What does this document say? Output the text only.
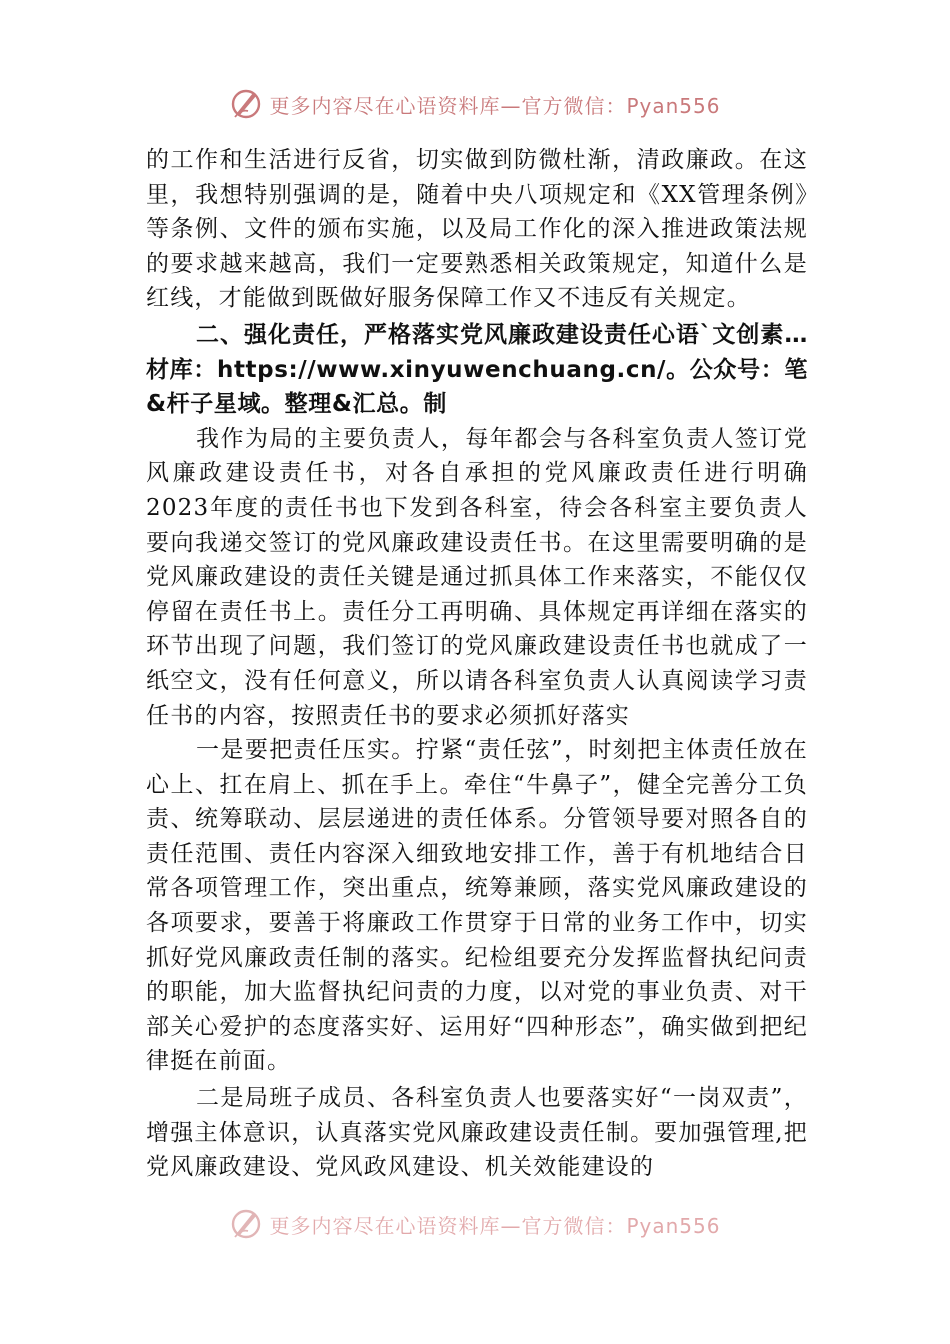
更多内容尽在心语资料库—官方微信：Pyan556

的工作和生活进行反省，切实做到防微杜渐，清政廉政。在这里，我想特别强调的是，随着中央八项规定和《XX管理条例》等条例、文件的颁布实施，以及局工作化的深入推进政策法规的要求越来越高，我们一定要熟悉相关政策规定，知道什么是红线，才能做到既做好服务保障工作又不违反有关规定。

二、强化责任，严格落实党风廉政建设责任心语`文创素…材库：https://www.xinyuwenchuang.cn/。公众号：笔&杆子星域。整理&汇总。制

我作为局的主要负责人，每年都会与各科室负责人签订党风廉政建设责任书，对各自承担的党风廉政责任进行明确2023年度的责任书也下发到各科室，待会各科室主要负责人要向我递交签订的党风廉政建设责任书。在这里需要明确的是党风廉政建设的责任关键是通过抓具体工作来落实，不能仅仅停留在责任书上。责任分工再明确、具体规定再详细在落实的环节出现了问题，我们签订的党风廉政建设责任书也就成了一纸空文，没有任何意义，所以请各科室负责人认真阅读学习责任书的内容，按照责任书的要求必须抓好落实

一是要把责任压实。拧紧“责任弦”，时刻把主体责任放在心上、扛在肩上、抓在手上。牵住“牛鼻子”，健全完善分工负责、统筹联动、层层递进的责任体系。分管领导要对照各自的责任范围、责任内容深入细致地安排工作，善于有机地结合日常各项管理工作，突出重点，统筹兼顾，落实党风廉政建设的各项要求，要善于将廉政工作贯穿于日常的业务工作中，切实抓好党风廉政责任制的落实。纪检组要充分发挥监督执纪问责的职能，加大监督执纪问责的力度，以对党的事业负责、对干部关心爱护的态度落实好、运用好“四种形态”，确实做到把纪律挺在前面。

二是局班子成员、各科室负责人也要落实好“一岗双责”，增强主体意识，认真落实党风廉政建设责任制。要加强管理,把党风廉政建设、党风政风建设、机关效能建设的

更多内容尽在心语资料库—官方微信：Pyan556
